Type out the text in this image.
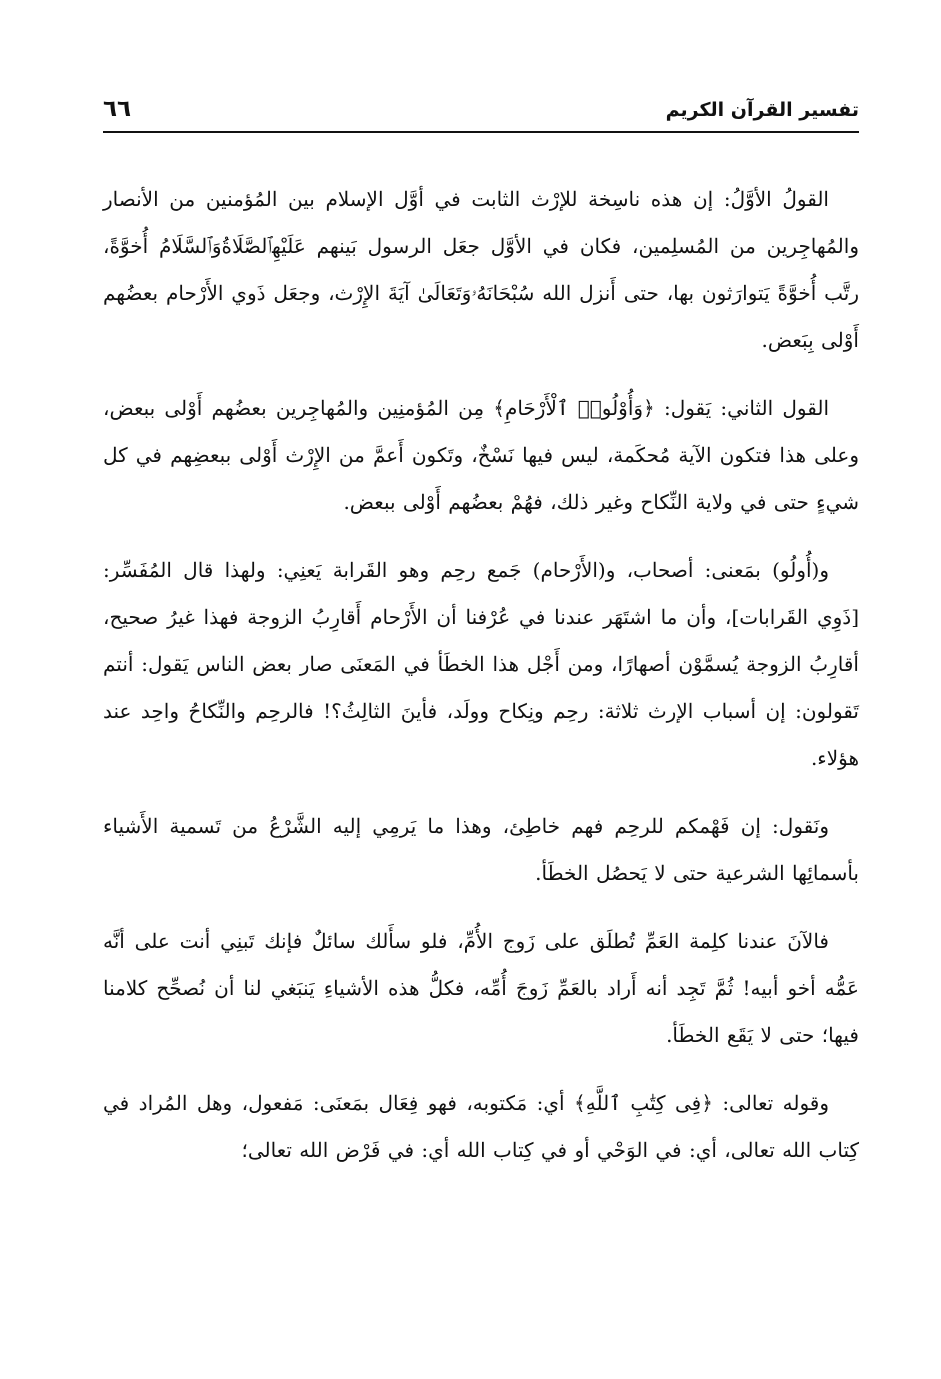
تفسير القرآن الكريم
٦٦

القولُ الأوَّلُ: إن هذه ناسِخة للإرْث الثابت في أوَّل الإسلام بين المُؤمنين من الأنصار والمُهاجِرين من المُسلِمين، فكان في الأوَّل جعَل الرسول بَينهم عَلَيْهِٱلصَّلَاةُوَٱلسَّلَامُ أُخوَّةً، رتَّب أُخوَّةً يَتوارَثون بها، حتى أَنزل الله سُبْحَانَهُۥوَتَعَالَىٰ آيَةَ الإِرْث، وجعَل ذَوي الأَرْحام بعضُهم أَوْلى بِبَعض.

القول الثاني: يَقول: ﴿وَأُوْلُوا۟ ٱلْأَرْحَامِ﴾ مِن المُؤمنِين والمُهاجِرين بعضُهم أَوْلى ببعض، وعلى هذا فتكون الآية مُحكَمة، ليس فيها نَسْخٌ، وتَكون أَعمَّ من الإِرْث أَوْلى ببعضِهم في كل شيءٍ حتى في ولاية النِّكاح وغير ذلك، فهُمْ بعضُهم أَوْلى ببعض.

و(أُولُو) بمَعنى: أصحاب، و(الأَرْحام) جَمع رحِم وهو القَرابة يَعنِي: ولهذا قال المُفَسِّر: [ذَوِي القَرابات]، وأن ما اشتَهَر عندنا في عُرْفنا أن الأَرْحام أَقارِبُ الزوجة فهذا غيرُ صحيح، أقارِبُ الزوجة يُسمَّوْن أصهارًا، ومن أَجْل هذا الخطَأ في المَعنَى صار بعض الناس يَقول: أنتم تَقولون: إن أسباب الإرث ثلاثة: رحِم ونِكاح وولَد، فأينَ الثالِثُ؟! فالرحِم والنِّكاحُ واحِد عند هؤلاء.

ونَقول: إن فَهْمكم للرحِم فهم خاطِئ، وهذا ما يَرمِي إليه الشَّرْعُ من تَسمية الأَشياء بأسمائِها الشرعية حتى لا يَحصُل الخطَأ.

فالآنَ عندنا كلِمة العَمِّ تُطلَق على زَوج الأُمِّ، فلو سأَلك سائلٌ فإنك تَبنِي أنت على أنَّه عَمُّه أخو أبيه! ثُمَّ تَجِد أنه أَراد بالعَمِّ زَوجَ أُمِّه، فكلُّ هذه الأشياءِ يَنبَغي لنا أن نُصحِّح كلامنا فيها؛ حتى لا يَقَع الخطَأ.

وقوله تعالى: ﴿فِى كِتَٰبِ ٱللَّهِ﴾ أي: مَكتوبه، فهو فِعَال بمَعنَى: مَفعول، وهل المُراد في كِتاب الله تعالى، أي: في الوَحْي أو في كِتاب الله أي: في فَرْض الله تعالى؛
